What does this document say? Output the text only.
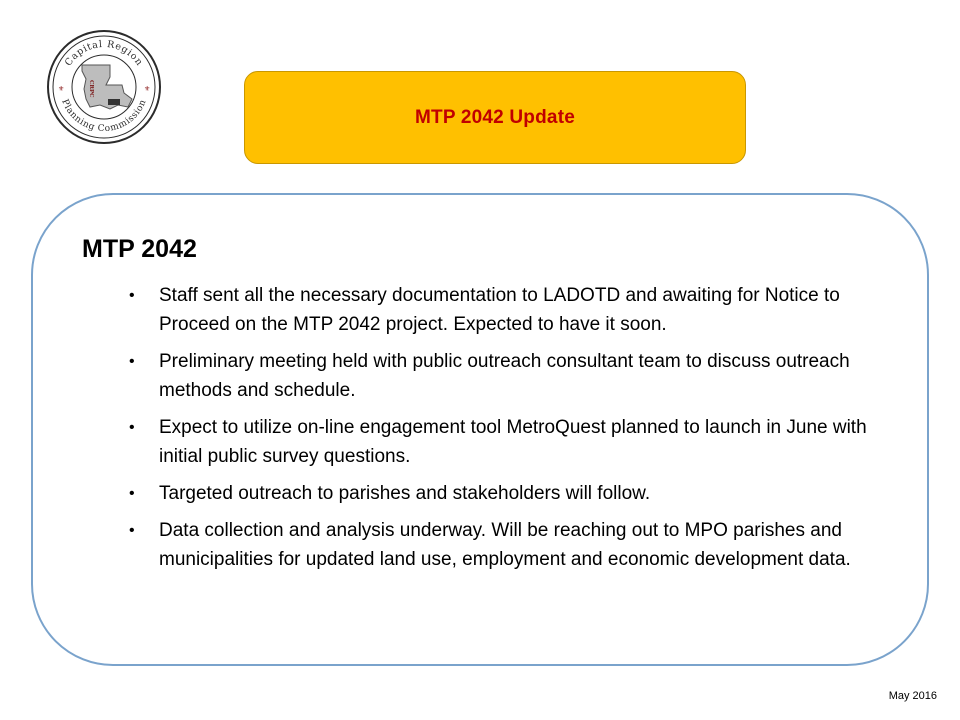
Capital Region
Planning Commission
⚜	⚜
CRPC
MTP 2042 Update
MTP 2042
• Staff sent all the necessary documentation to LADOTD and awaiting for Notice to Proceed on the MTP 2042 project. Expected to have it soon.
• Preliminary meeting held with public outreach consultant team to discuss outreach methods and schedule.
• Expect to utilize on-line engagement tool MetroQuest planned to launch in June with initial public survey questions.
• Targeted outreach to parishes and stakeholders will follow.
• Data collection and analysis underway. Will be reaching out to MPO parishes and municipalities for updated land use, employment and economic development data.
May 2016
